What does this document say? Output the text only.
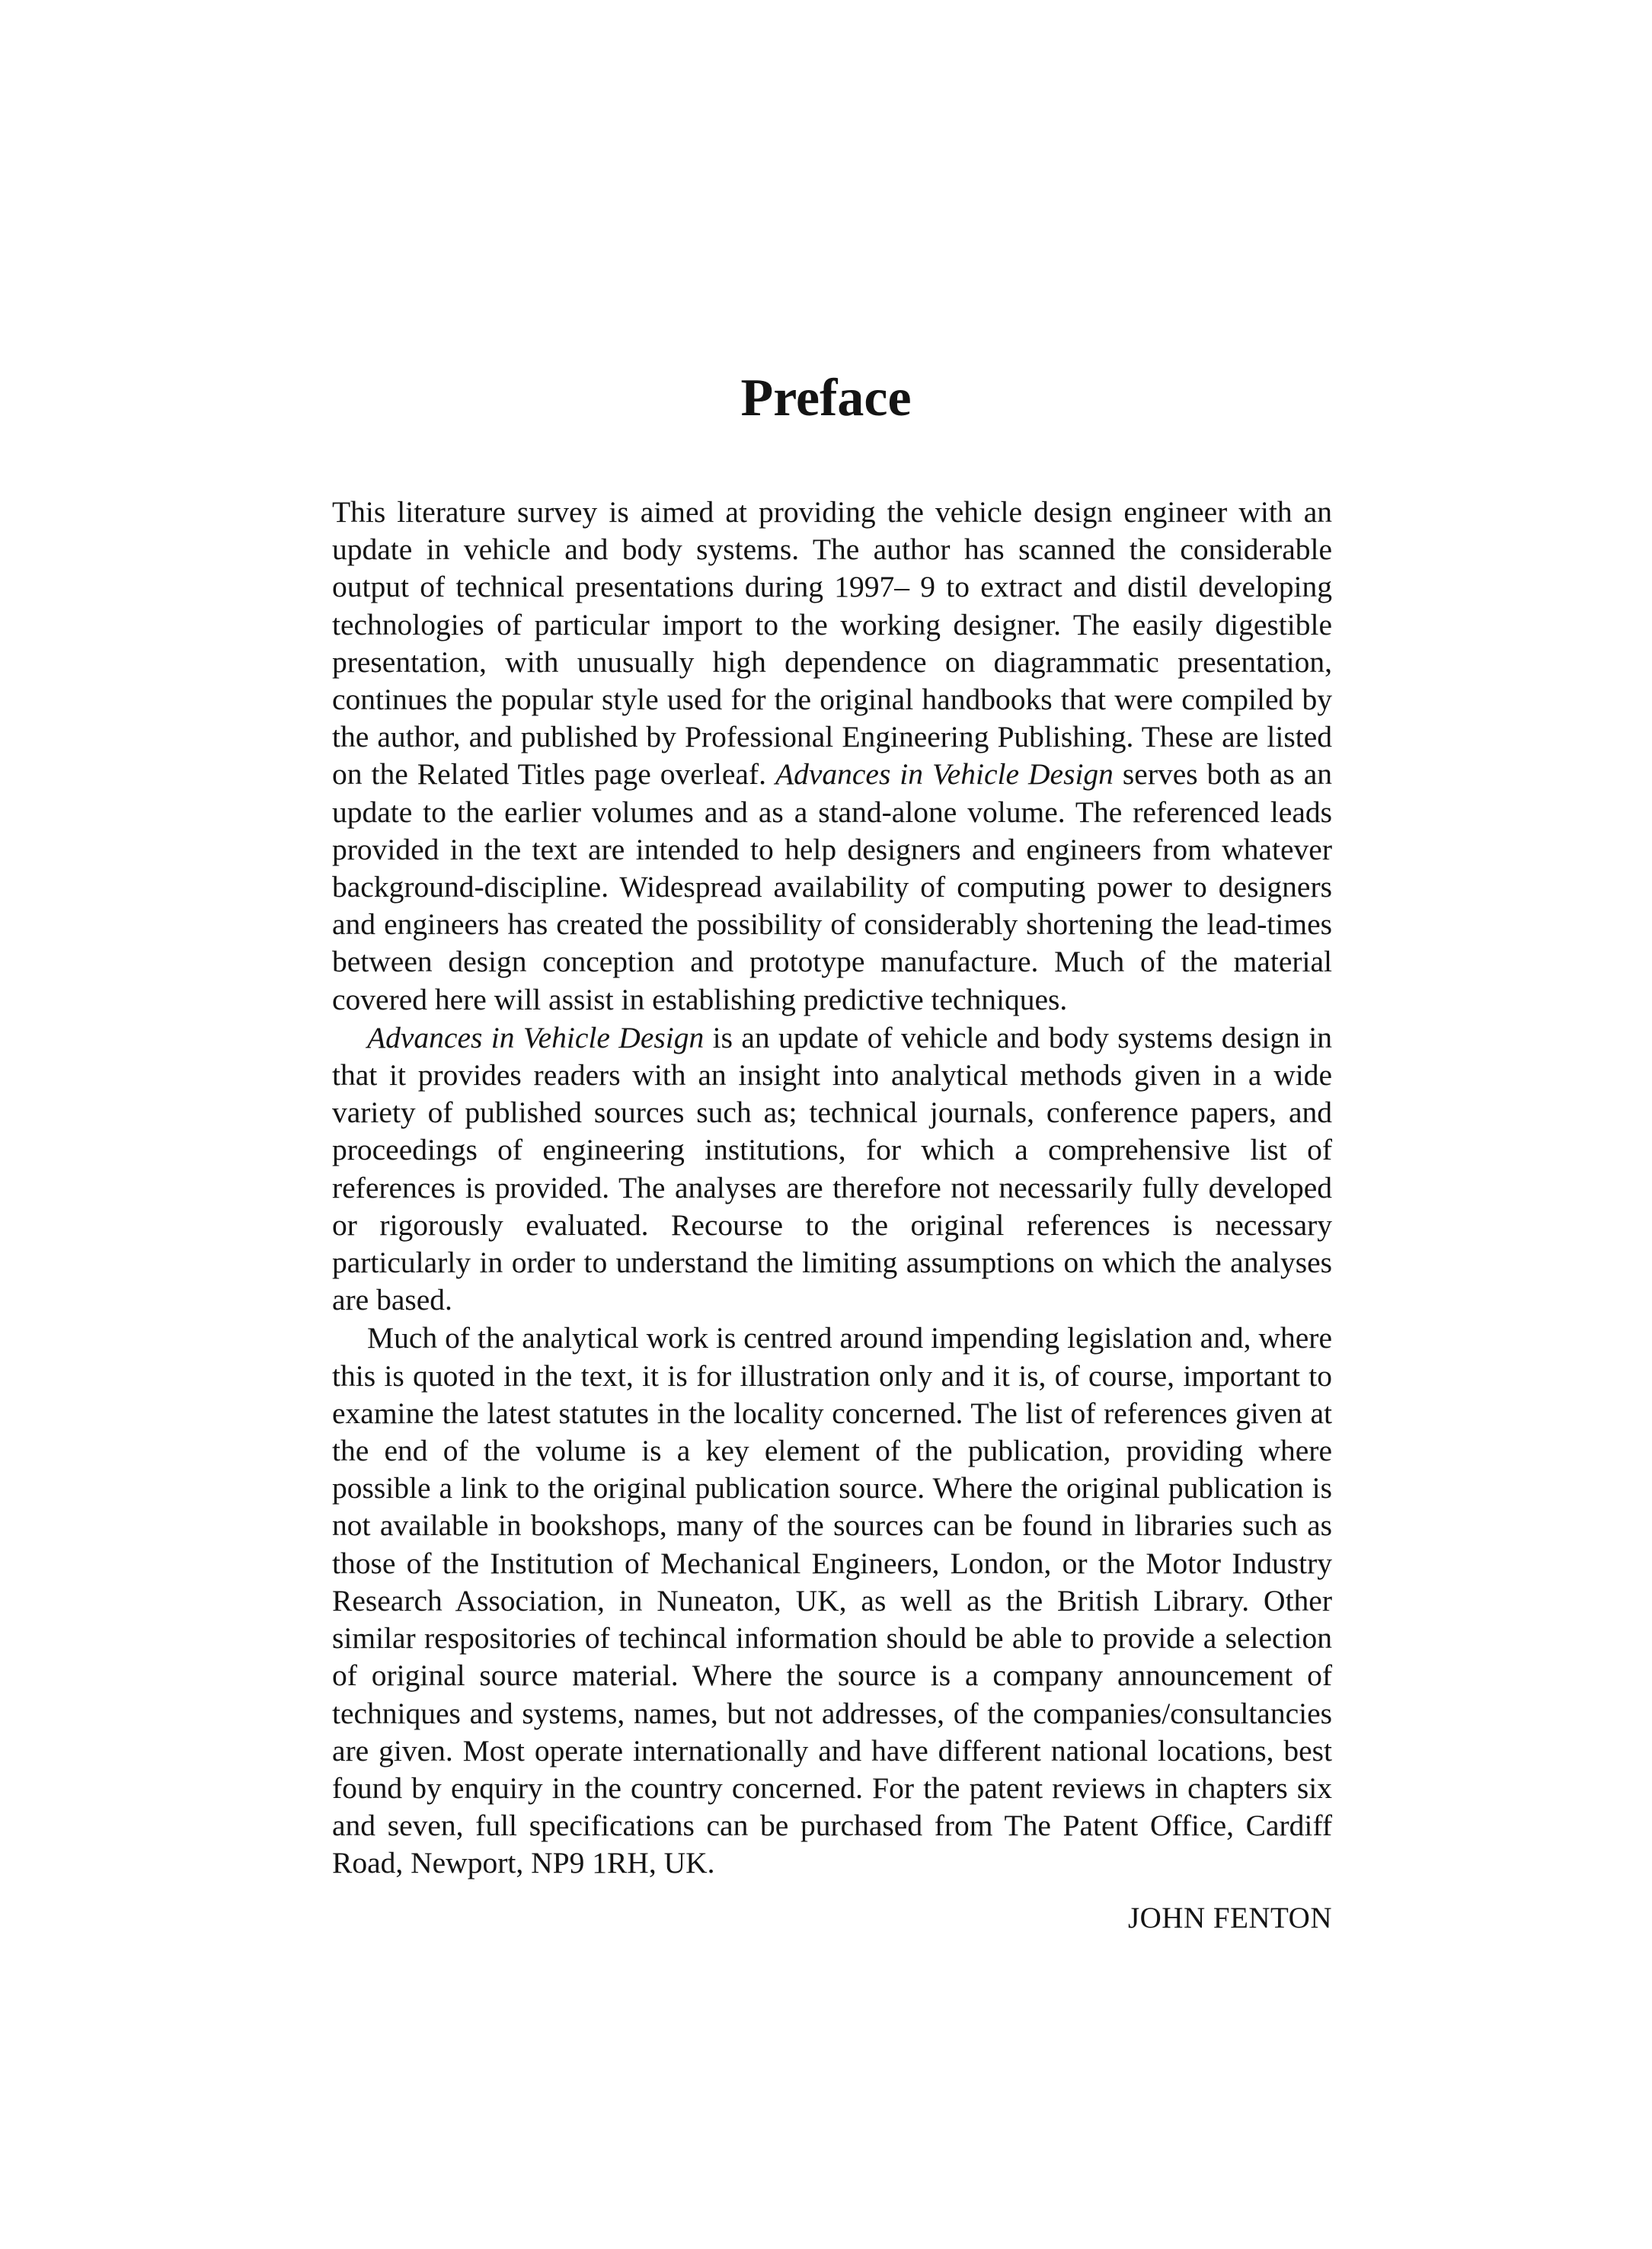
Preface

This literature survey is aimed at providing the vehicle design engineer with an update in vehicle and body systems. The author has scanned the considerable output of technical presentations during 1997– 9 to extract and distil developing technologies of particular import to the working designer. The easily digestible presentation, with unusually high dependence on diagrammatic presentation, continues the popular style used for the original handbooks that were compiled by the author, and published by Professional Engineering Publishing. These are listed on the Related Titles page overleaf. Advances in Vehicle Design serves both as an update to the earlier volumes and as a stand-alone volume. The referenced leads provided in the text are intended to help designers and engineers from whatever background-discipline. Widespread availability of computing power to designers and engineers has created the possibility of considerably shortening the lead-times between design conception and prototype manufacture. Much of the material covered here will assist in establishing predictive techniques.

Advances in Vehicle Design is an update of vehicle and body systems design in that it provides readers with an insight into analytical methods given in a wide variety of published sources such as; technical journals, conference papers, and proceedings of engineering institutions, for which a comprehensive list of references is provided. The analyses are therefore not necessarily fully developed or rigorously evaluated. Recourse to the original references is necessary particularly in order to understand the limiting assumptions on which the analyses are based.

Much of the analytical work is centred around impending legislation and, where this is quoted in the text, it is for illustration only and it is, of course, important to examine the latest statutes in the locality concerned. The list of references given at the end of the volume is a key element of the publication, providing where possible a link to the original publication source. Where the original publication is not available in bookshops, many of the sources can be found in libraries such as those of the Institution of Mechanical Engineers, London, or the Motor Industry Research Association, in Nuneaton, UK, as well as the British Library. Other similar respositories of techincal information should be able to provide a selection of original source material. Where the source is a company announcement of techniques and systems, names, but not addresses, of the companies/consultancies are given. Most operate internationally and have different national locations, best found by enquiry in the country concerned. For the patent reviews in chapters six and seven, full specifications can be purchased from The Patent Office, Cardiff Road, Newport, NP9 1RH, UK.

JOHN FENTON
